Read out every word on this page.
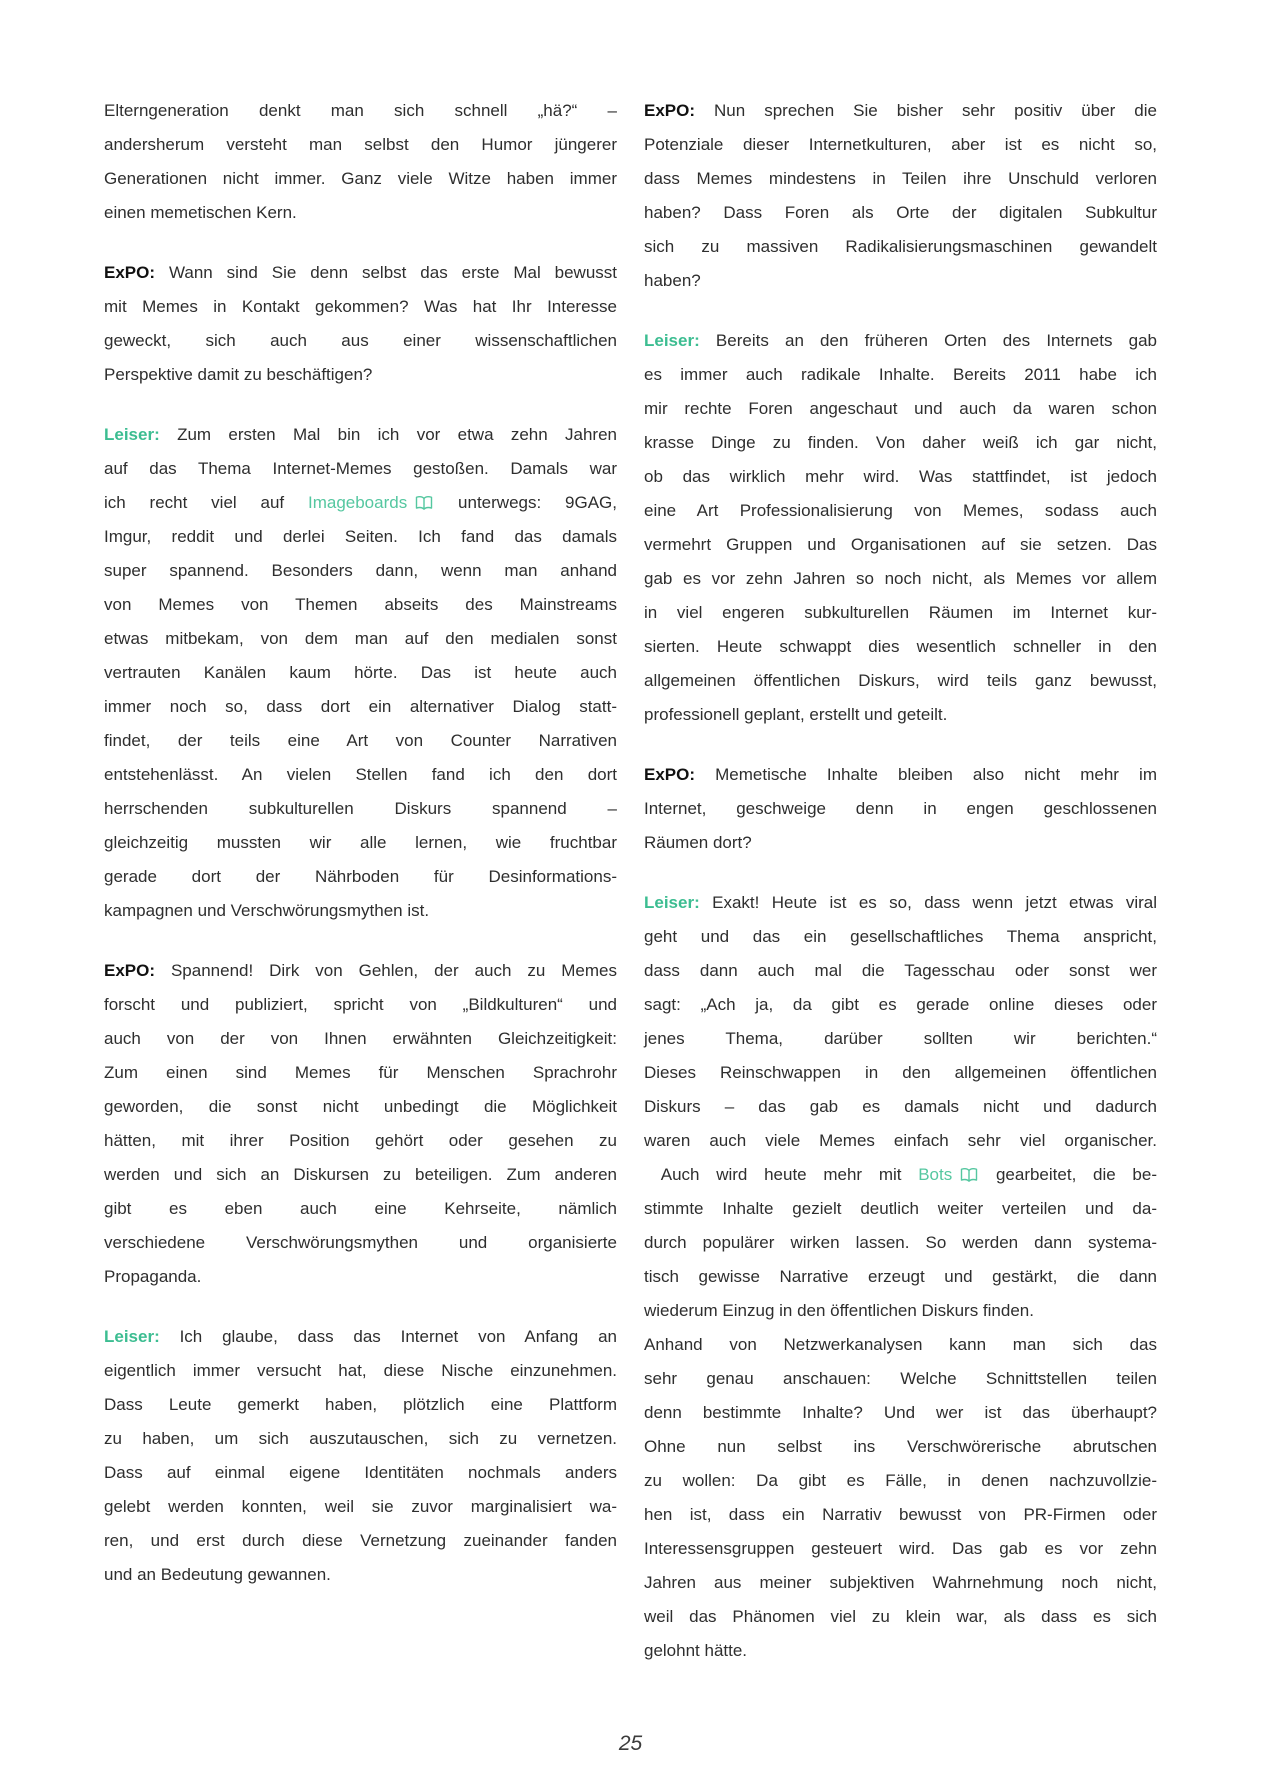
Elterngeneration denkt man sich schnell „hä?“ –
andersherum versteht man selbst den Humor jüngerer
Generationen nicht immer. Ganz viele Witze haben immer
einen memetischen Kern.
ExPO: Wann sind Sie denn selbst das erste Mal bewusst
mit Memes in Kontakt gekommen? Was hat Ihr Interesse
geweckt, sich auch aus einer wissenschaftlichen
Perspektive damit zu beschäftigen?
Leiser: Zum ersten Mal bin ich vor etwa zehn Jahren
auf das Thema Internet-Memes gestoßen. Damals war
ich recht viel auf Imageboards unterwegs: 9GAG,
Imgur, reddit und derlei Seiten. Ich fand das damals
super spannend. Besonders dann, wenn man anhand
von Memes von Themen abseits des Mainstreams
etwas mitbekam, von dem man auf den medialen sonst
vertrauten Kanälen kaum hörte. Das ist heute auch
immer noch so, dass dort ein alternativer Dialog statt-
findet, der teils eine Art von Counter Narrativen
entstehenlässt. An vielen Stellen fand ich den dort
herrschenden subkulturellen Diskurs spannend –
gleichzeitig mussten wir alle lernen, wie fruchtbar
gerade dort der Nährboden für Desinformations-
kampagnen und Verschwörungsmythen ist.
ExPO: Spannend! Dirk von Gehlen, der auch zu Memes
forscht und publiziert, spricht von „Bildkulturen“ und
auch von der von Ihnen erwähnten Gleichzeitigkeit:
Zum einen sind Memes für Menschen Sprachrohr
geworden, die sonst nicht unbedingt die Möglichkeit
hätten, mit ihrer Position gehört oder gesehen zu
werden und sich an Diskursen zu beteiligen. Zum anderen
gibt es eben auch eine Kehrseite, nämlich
verschiedene Verschwörungsmythen und organisierte
Propaganda.
Leiser: Ich glaube, dass das Internet von Anfang an
eigentlich immer versucht hat, diese Nische einzunehmen.
Dass Leute gemerkt haben, plötzlich eine Plattform
zu haben, um sich auszutauschen, sich zu vernetzen.
Dass auf einmal eigene Identitäten nochmals anders
gelebt werden konnten, weil sie zuvor marginalisiert wa-
ren, und erst durch diese Vernetzung zueinander fanden
und an Bedeutung gewannen.
ExPO: Nun sprechen Sie bisher sehr positiv über die
Potenziale dieser Internetkulturen, aber ist es nicht so,
dass Memes mindestens in Teilen ihre Unschuld verloren
haben? Dass Foren als Orte der digitalen Subkultur
sich zu massiven Radikalisierungsmaschinen gewandelt
haben?
Leiser: Bereits an den früheren Orten des Internets gab
es immer auch radikale Inhalte. Bereits 2011 habe ich
mir rechte Foren angeschaut und auch da waren schon
krasse Dinge zu finden. Von daher weiß ich gar nicht,
ob das wirklich mehr wird. Was stattfindet, ist jedoch
eine Art Professionalisierung von Memes, sodass auch
vermehrt Gruppen und Organisationen auf sie setzen. Das
gab es vor zehn Jahren so noch nicht, als Memes vor allem
in viel engeren subkulturellen Räumen im Internet kur-
sierten. Heute schwappt dies wesentlich schneller in den
allgemeinen öffentlichen Diskurs, wird teils ganz bewusst,
professionell geplant, erstellt und geteilt.
ExPO: Memetische Inhalte bleiben also nicht mehr im
Internet, geschweige denn in engen geschlossenen
Räumen dort?
Leiser: Exakt! Heute ist es so, dass wenn jetzt etwas viral
geht und das ein gesellschaftliches Thema anspricht,
dass dann auch mal die Tagesschau oder sonst wer
sagt: „Ach ja, da gibt es gerade online dieses oder
jenes Thema, darüber sollten wir berichten.“
Dieses Reinschwappen in den allgemeinen öffentlichen
Diskurs – das gab es damals nicht und dadurch
waren auch viele Memes einfach sehr viel organischer.
Auch wird heute mehr mit Bots gearbeitet, die be-
stimmte Inhalte gezielt deutlich weiter verteilen und da-
durch populärer wirken lassen. So werden dann systema-
tisch gewisse Narrative erzeugt und gestärkt, die dann
wiederum Einzug in den öffentlichen Diskurs finden.
Anhand von Netzwerkanalysen kann man sich das
sehr genau anschauen: Welche Schnittstellen teilen
denn bestimmte Inhalte? Und wer ist das überhaupt?
Ohne nun selbst ins Verschwörerische abrutschen
zu wollen: Da gibt es Fälle, in denen nachzuvollzie-
hen ist, dass ein Narrativ bewusst von PR-Firmen oder
Interessensgruppen gesteuert wird. Das gab es vor zehn
Jahren aus meiner subjektiven Wahrnehmung noch nicht,
weil das Phänomen viel zu klein war, als dass es sich
gelohnt hätte.
25
